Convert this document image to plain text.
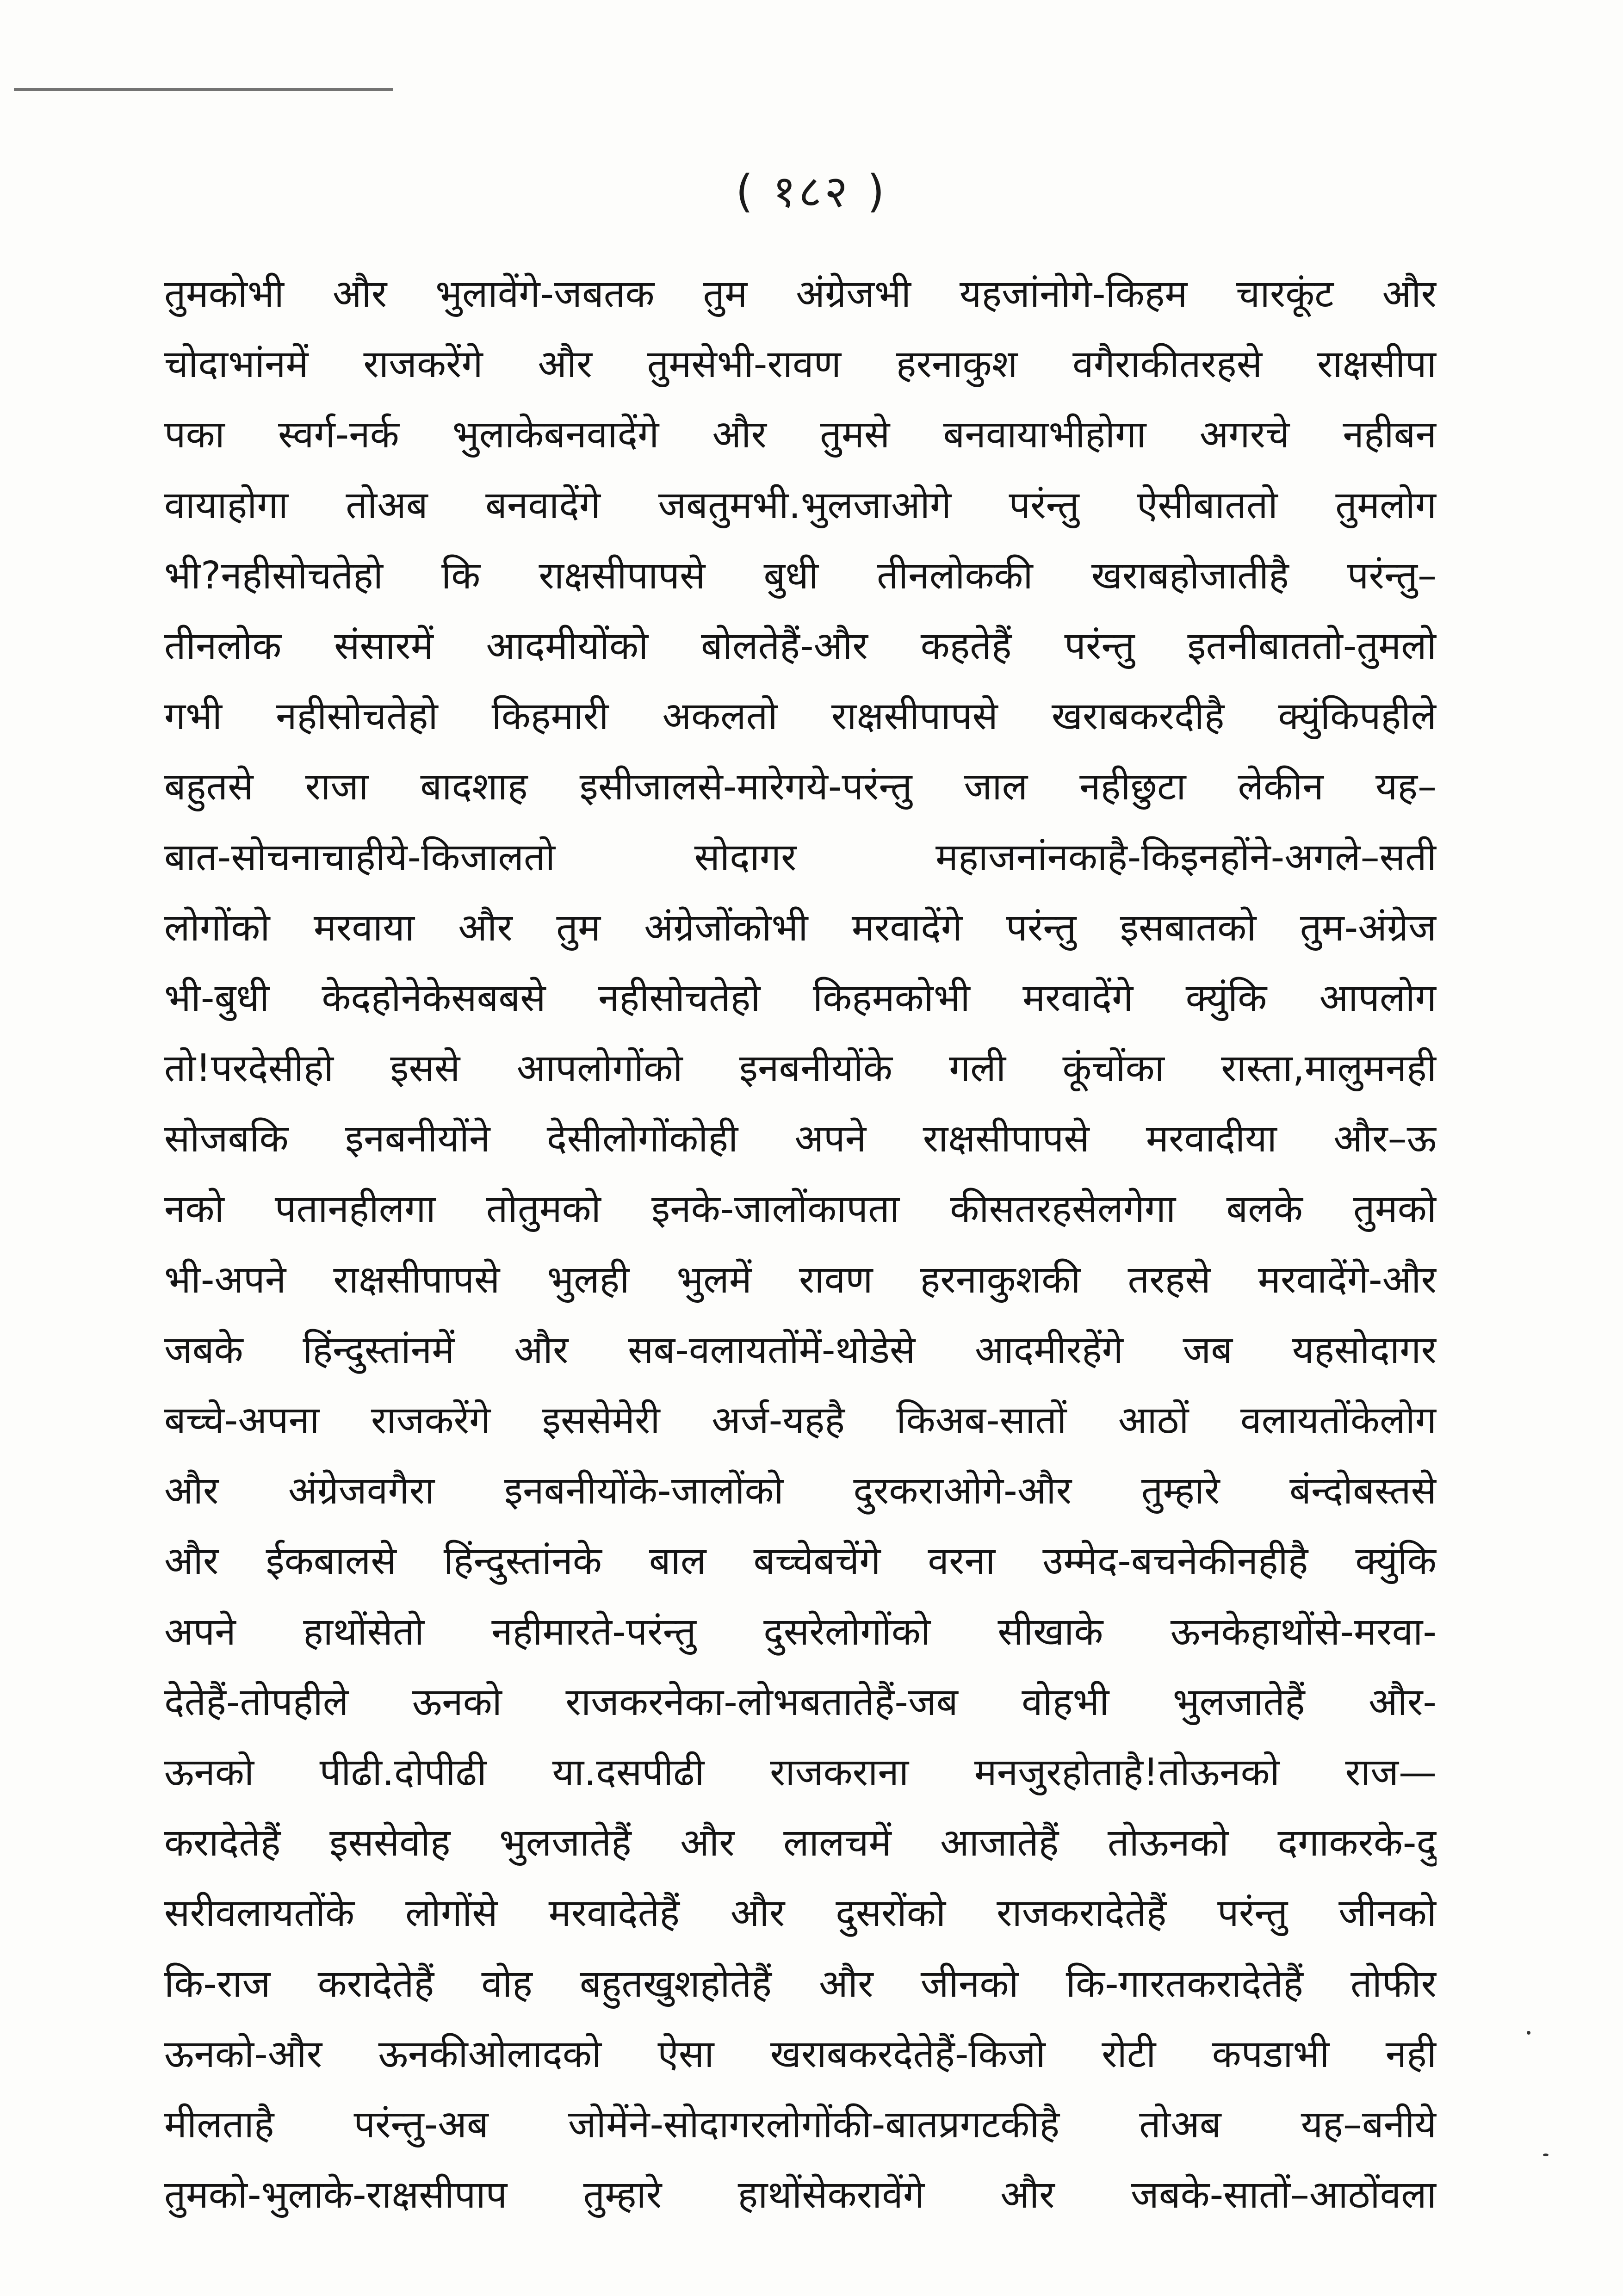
( १८२ )
तुमकोभी और भुलावेंगे-जबतक तुम अंग्रेजभी यहजांनोगे-किहम चारकूंट और
चोदाभांनमें राजकरेंगे और तुमसेभी-रावण हरनाकुश वगैराकीतरहसे राक्षसीपा
पका स्वर्ग-नर्क भुलाकेबनवादेंगे और तुमसे बनवायाभीहोगा अगरचे नहीबन
वायाहोगा तोअब बनवादेंगे जबतुमभी.भुलजाओगे परंन्तु ऐसीबाततो तुमलोग
भी?नहीसोचतेहो कि राक्षसीपापसे बुधी तीनलोककी खराबहोजातीहै परंन्तु–
तीनलोक संसारमें आदमीयोंको बोलतेहैं-और कहतेहैं परंन्तु इतनीबाततो-तुमलो
गभी नहीसोचतेहो किहमारी अकलतो राक्षसीपापसे खराबकरदीहै क्युंकिपहीले
बहुतसे राजा बादशाह इसीजालसे-मारेगये-परंन्तु जाल नहीछुटा लेकीन यह–
बात-सोचनाचाहीये-किजालतो सोदागर महाजनांनकाहै-किइनहोंने-अगले–सती
लोगोंको मरवाया और तुम अंग्रेजोंकोभी मरवादेंगे परंन्तु इसबातको तुम-अंग्रेज
भी-बुधी केदहोनेकेसबबसे नहीसोचतेहो किहमकोभी मरवादेंगे क्युंकि आपलोग
तो!परदेसीहो इससे आपलोगोंको इनबनीयोंके गली कूंचोंका रास्ता,मालुमनही
सोजबकि इनबनीयोंने देसीलोगोंकोही अपने राक्षसीपापसे मरवादीया और–ऊ
नको पतानहीलगा तोतुमको इनके-जालोंकापता कीसतरहसेलगेगा बलके तुमको
भी-अपने राक्षसीपापसे भुलही भुलमें रावण हरनाकुशकी तरहसे मरवादेंगे-और
जबके हिंन्दुस्तांनमें और सब-वलायतोंमें-थोडेसे आदमीरहेंगे जब यहसोदागर
बच्चे-अपना राजकरेंगे इससेमेरी अर्ज-यहहै किअब-सातों आठों वलायतोंकेलोग
और अंग्रेजवगैरा इनबनीयोंके-जालोंको दुरकराओगे-और तुम्हारे बंन्दोबस्तसे
और ईकबालसे हिंन्दुस्तांनके बाल बच्चेबचेंगे वरना उम्मेद-बचनेकीनहीहै क्युंकि
अपने हाथोंसेतो नहीमारते-परंन्तु दुसरेलोगोंको सीखाके ऊनकेहाथोंसे-मरवा-
देतेहैं-तोपहीले ऊनको राजकरनेका-लोभबतातेहैं-जब वोहभी भुलजातेहैं और-
ऊनको पीढी.दोपीढी या.दसपीढी राजकराना मनजुरहोताहै!तोऊनको राज—
करादेतेहैं इससेवोह भुलजातेहैं और लालचमें आजातेहैं तोऊनको दगाकरके-दु
सरीवलायतोंके लोगोंसे मरवादेतेहैं और दुसरोंको राजकरादेतेहैं परंन्तु जीनको
कि-राज करादेतेहैं वोह बहुतखुशहोतेहैं और जीनको कि-गारतकरादेतेहैं तोफीर
ऊनको-और ऊनकीओलादको ऐसा खराबकरदेतेहैं-किजो रोटी कपडाभी नही
मीलताहै परंन्तु-अब जोमेंने-सोदागरलोगोंकी-बातप्रगटकीहै तोअब यह–बनीये
तुमको-भुलाके-राक्षसीपाप तुम्हारे हाथोंसेकरावेंगे और जबके-सातों–आठोंवला
